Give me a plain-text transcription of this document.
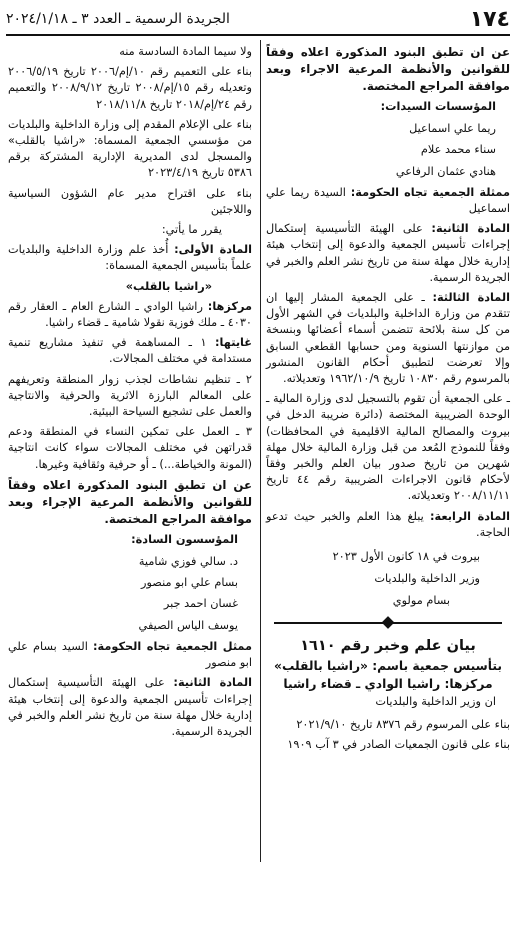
١٧٤
الجريدة الرسمية ـ العدد ٣ ـ ٢٠٢٤/١/١٨

عن ان تطبق البنود المذكورة اعلاه وفقاً للقوانين والأنظمة المرعية الاجراء وبعد موافقة المراجع المختصة.

المؤسسات السيدات:

ريما علي اسماعيل

سناء محمد علام

هنادي عثمان الرفاعي

ممثلة الجمعية تجاه الحكومة: السيدة ريما علي اسماعيل

المادة الثانية: على الهيئة التأسيسية إستكمال إجراءات تأسيس الجمعية والدعوة إلى إنتخاب هيئة إدارية خلال مهلة سنة من تاريخ نشر العلم والخبر في الجريدة الرسمية.

المادة الثالثة: ـ على الجمعية المشار إليها ان تتقدم من وزارة الداخلية والبلديات في الشهر الأول من كل سنة بلائحة تتضمن أسماء أعضائها وبنسخة من موازنتها السنوية ومن حسابها القطعي السابق وإلا تعرضت لتطبيق أحكام القانون المنشور بالمرسوم رقم ١٠٨٣٠ تاريخ ١٩٦٢/١٠/٩ وتعديلاته.

ـ على الجمعية أن تقوم بالتسجيل لدى وزارة المالية ـ الوحدة الضريبية المختصة (دائرة ضريبة الدخل في بيروت والمصالح المالية الاقليمية في المحافظات) وفقاً للنموذج المُعد من قبل وزارة المالية خلال مهلة شهرين من تاريخ صدور بيان العلم والخبر وفقاً لأحكام قانون الاجراءات الضريبية رقم ٤٤ تاريخ ٢٠٠٨/١١/١١ وتعديلاته.

المادة الرابعة: يبلغ هذا العلم والخبر حيث تدعو الحاجة.

بيروت في ١٨ كانون الأول ٢٠٢٣

وزير الداخلية والبلديات

بسام مولوي

بيان علم وخبر رقم ١٦١٠

بتأسيس جمعية باسم: «راشيا بالقلب»

مركزها: راشيا الوادي ـ قضاء راشيا

ان وزير الداخلية والبلديات

بناء على المرسوم رقم ٨٣٧٦ تاريخ ٢٠٢١/٩/١٠

بناء على قانون الجمعيات الصادر في ٣ آب ١٩٠٩

ولا سيما المادة السادسة منه

بناء على التعميم رقم ١٠/إم/٢٠٠٦ تاريخ ٢٠٠٦/٥/١٩ وتعديله رقم ١٥/إم/٢٠٠٨ تاريخ ٢٠٠٨/٩/١٢ والتعميم رقم ٢٤/إم/٢٠١٨ تاريخ ٢٠١٨/١١/٨

بناء على الإعلام المقدم إلى وزارة الداخلية والبلديات من مؤسسي الجمعية المسماة: «راشيا بالقلب» والمسجل لدى المديرية الإدارية المشتركة برقم ٥٣٨٦ تاريخ ٢٠٢٣/٤/١٩

بناء على اقتراح مدير عام الشؤون السياسية واللاجئين

يقرر ما يأتي:

المادة الأولى: أُخذ علم وزارة الداخلية والبلديات علماً بتأسيس الجمعية المسماة:

«راشيا بالقلب»

مركزها: راشيا الوادي ـ الشارع العام ـ العقار رقم ٤٠٣٠ ـ ملك فوزية نقولا شامية ـ قضاء راشيا.

غايتها: ١ ـ المساهمة في تنفيذ مشاريع تنمية مستدامة في مختلف المجالات.

٢ ـ تنظيم نشاطات لجذب زوار المنطقة وتعريفهم على المعالم البارزة الاثرية والحرفية والانتاجية والعمل على تشجيع السياحة البيئية.

٣ ـ العمل على تمكين النساء في المنطقة ودعم قدراتهن في مختلف المجالات سواء كانت انتاجية (المونة والخياطة...) ـ أو حرفية وثقافية وغيرها.

عن ان تطبق البنود المذكورة اعلاه وفقاً للقوانين والأنظمة المرعية الإجراء وبعد موافقة المراجع المختصة.

المؤسسون السادة:

د. سالي فوزي شامية

بسام علي ابو منصور

غسان احمد جبر

يوسف الياس الصيفي

ممثل الجمعية تجاه الحكومة: السيد بسام علي ابو منصور

المادة الثانية: على الهيئة التأسيسية إستكمال إجراءات تأسيس الجمعية والدعوة إلى إنتخاب هيئة إدارية خلال مهلة سنة من تاريخ نشر العلم والخبر في الجريدة الرسمية.
